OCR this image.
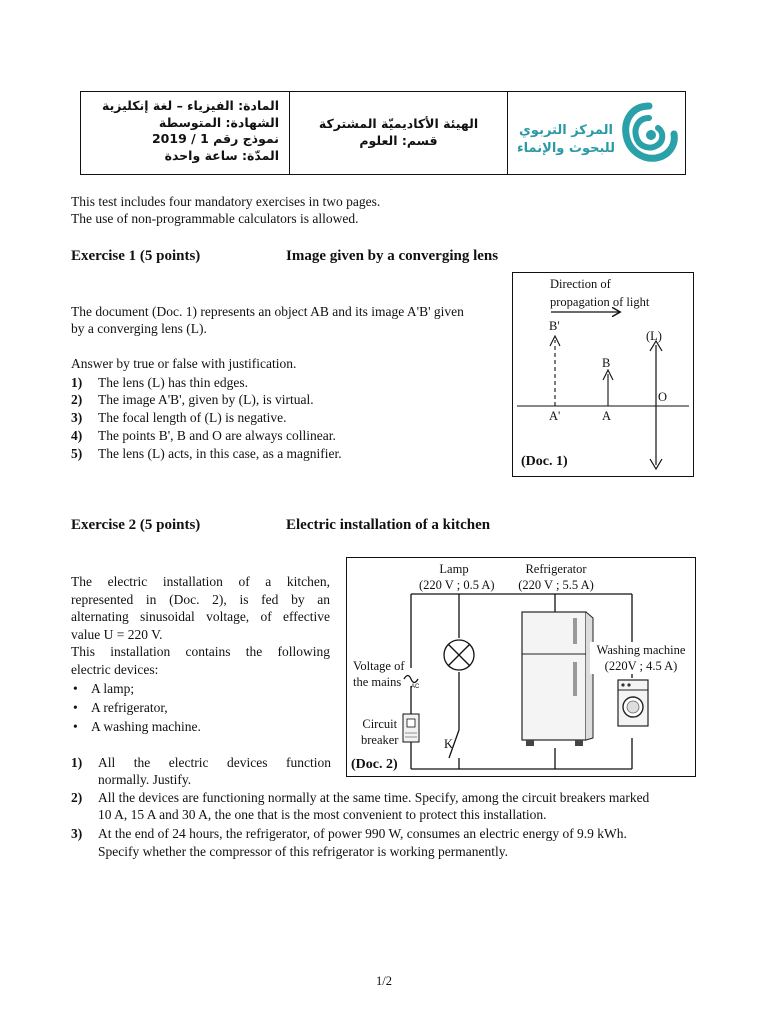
المادة: الفيزياء – لغة إنكليزية
الشهادة: المتوسطة
نموذج رقم 1 / 2019
المدّة: ساعة واحدة
الهيئة الأكاديميّة المشتركة
قسم: العلوم
المركز التربوي
للبحوث والإنماء
This test includes four mandatory exercises in two pages.
The use of non-programmable calculators is allowed.
Exercise 1 (5 points)	Image given by a converging lens
The document (Doc. 1) represents an object AB and its image A'B' given
by a converging lens (L).
Answer by true or false with justification.
1) The lens (L) has thin edges.
2) The image A'B', given by (L), is virtual.
3) The focal length of (L) is negative.
4) The points B', B and O are always collinear.
5) The lens (L) acts, in this case, as a magnifier.
Direction of
propagation of light
B'
(L)
B
O
A'	A
(Doc. 1)
Exercise 2 (5 points)	Electric installation of a kitchen
The electric installation of a kitchen,
represented in (Doc. 2), is fed by an
alternating sinusoidal voltage, of effective
value U = 220 V.
This installation contains the following
electric devices:
• A lamp;
• A refrigerator,
• A washing machine.
1) All the electric devices function
normally. Justify.
2) All the devices are functioning normally at the same time. Specify, among the circuit breakers marked
10 A, 15 A and 30 A, the one that is the most convenient to protect this installation.
3) At the end of 24 hours, the refrigerator, of power 990 W, consumes an electric energy of 9.9 kWh.
Specify whether the compressor of this refrigerator is working permanently.
Lamp
(220 V ; 0.5 A)
Refrigerator
(220 V ; 5.5 A)
Washing machine
(220V ; 4.5 A)
Voltage of
the mains	AC
Circuit
breaker	K
(Doc. 2)
1/2
